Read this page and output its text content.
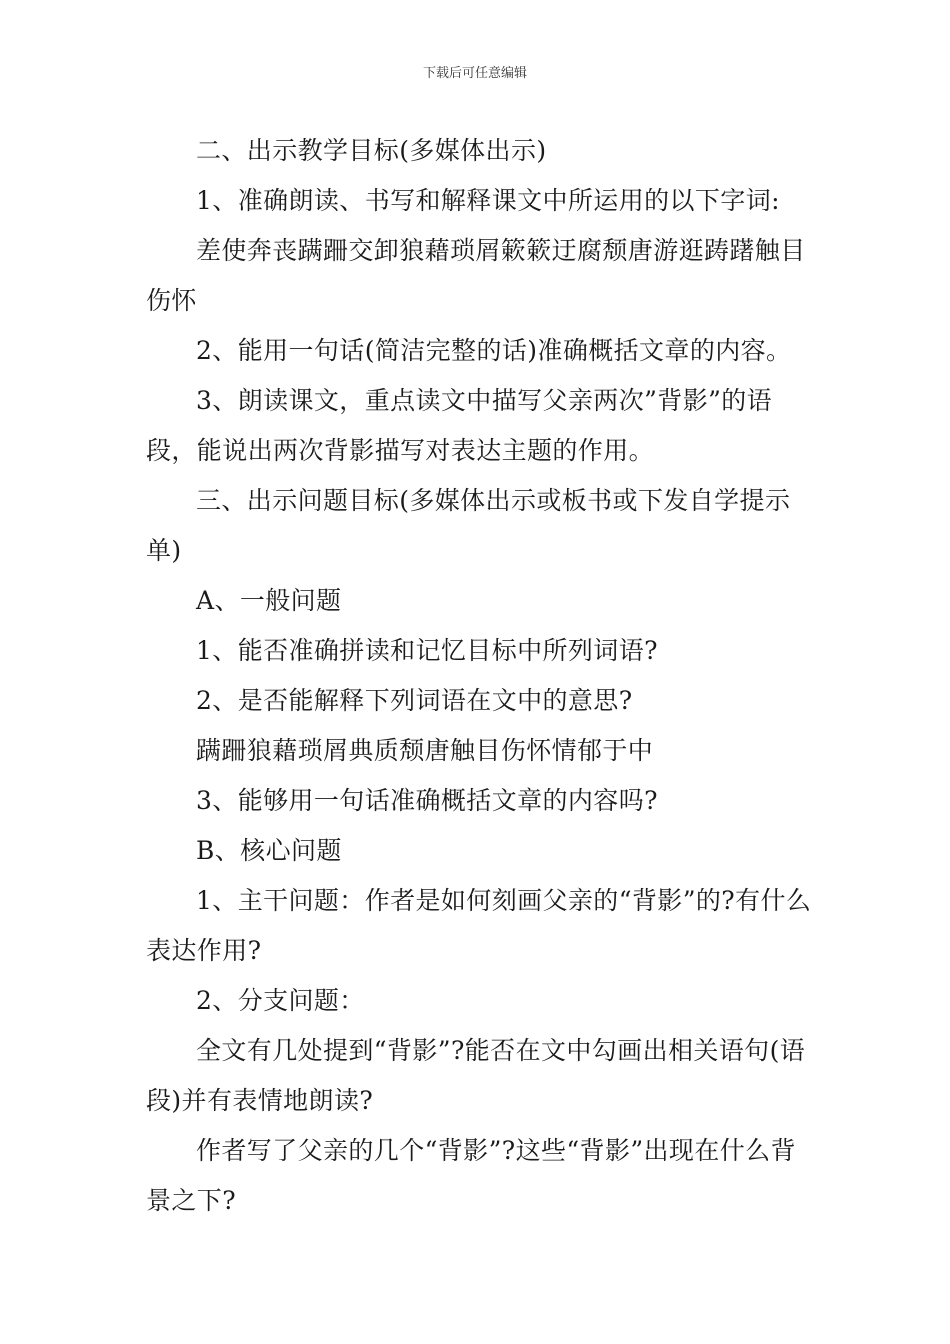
下载后可任意编辑

二、出示教学目标(多媒体出示)

1、准确朗读、书写和解释课文中所运用的以下字词:

差使奔丧蹒跚交卸狼藉琐屑簌簌迂腐颓唐游逛踌躇触目伤怀

2、能用一句话(简洁完整的话)准确概括文章的内容。

3、朗读课文，重点读文中描写父亲两次”背影”的语段，能说出两次背影描写对表达主题的作用。

三、出示问题目标(多媒体出示或板书或下发自学提示单)

A、一般问题

1、能否准确拼读和记忆目标中所列词语?

2、是否能解释下列词语在文中的意思?

蹒跚狼藉琐屑典质颓唐触目伤怀情郁于中

3、能够用一句话准确概括文章的内容吗?

B、核心问题

1、主干问题：作者是如何刻画父亲的“背影”的?有什么表达作用?

2、分支问题：

全文有几处提到“背影”?能否在文中勾画出相关语句(语段)并有表情地朗读?

作者写了父亲的几个“背影”?这些“背影”出现在什么背景之下?
